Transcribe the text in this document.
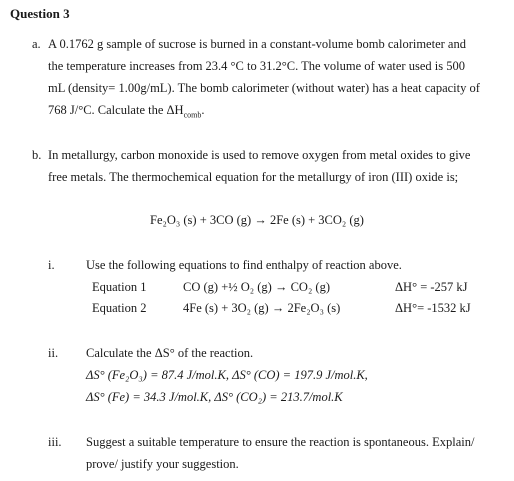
Question 3
a. A 0.1762 g sample of sucrose is burned in a constant-volume bomb calorimeter and
the temperature increases from 23.4 °C to 31.2°C. The volume of water used is 500
mL (density= 1.00g/mL). The bomb calorimeter (without water) has a heat capacity of
768 J/°C. Calculate the $\Delta H_{comb}$.
b. In metallurgy, carbon monoxide is used to remove oxygen from metal oxides to give
free metals. The thermochemical equation for the metallurgy of iron (III) oxide is;
Fe₂O₃ (s) + 3CO (g) → 2Fe (s) + 3CO₂ (g)
i.	Use the following equations to find enthalpy of reaction above.
Equation 1	CO (g) +½ O₂ (g) → CO₂ (g)	ΔH° = -257 kJ
Equation 2	4Fe (s) + 3O₂ (g) → 2Fe₂O₃ (s)	ΔH°= -1532 kJ
ii. Calculate the ΔS° of the reaction.
ΔS° (Fe₂O₃) = 87.4 J/mol.K, ΔS° (CO) = 197.9 J/mol.K,
ΔS° (Fe) = 34.3 J/mol.K, ΔS° (CO₂) = 213.7/mol.K
iii. Suggest a suitable temperature to ensure the reaction is spontaneous. Explain/
prove/ justify your suggestion.
